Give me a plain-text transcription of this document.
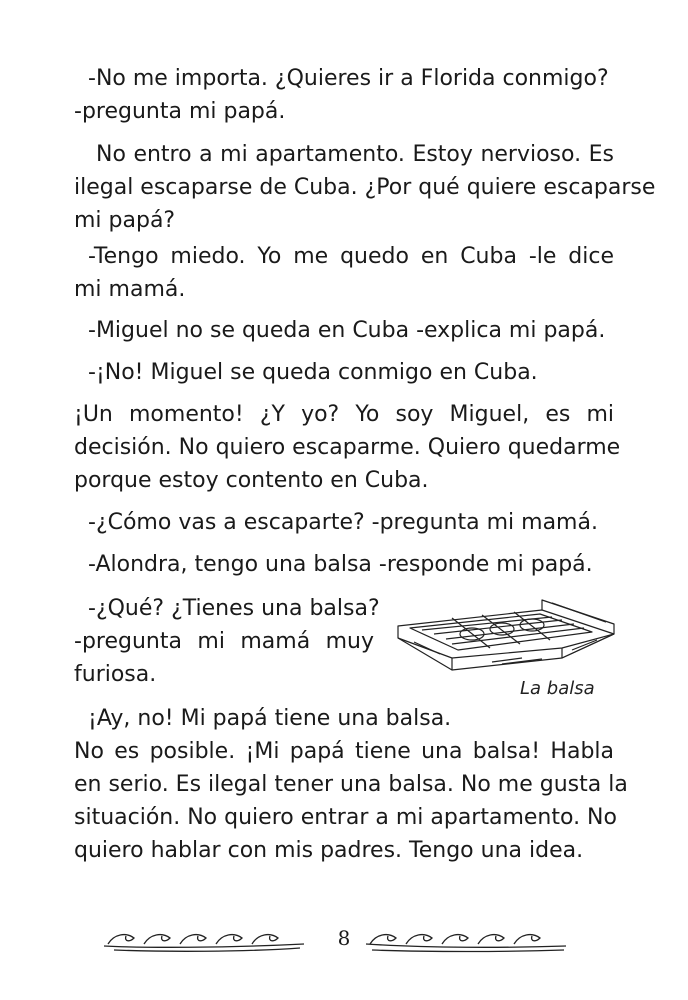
-No me importa. ¿Quieres ir a Florida conmigo?
-pregunta mi papá.

No entro a mi apartamento. Estoy nervioso. Es
ilegal escaparse de Cuba. ¿Por qué quiere escaparse
mi papá?

-Tengo miedo. Yo me quedo en Cuba -le dice
mi mamá.

-Miguel no se queda en Cuba -explica mi papá.

-¡No! Miguel se queda conmigo en Cuba.

¡Un momento! ¿Y yo? Yo soy Miguel, es mi
decisión. No quiero escaparme. Quiero quedarme
porque estoy contento en Cuba.

-¿Cómo vas a escaparte? -pregunta mi mamá.

-Alondra, tengo una balsa -responde mi papá.

-¿Qué? ¿Tienes una balsa?
-pregunta mi mamá muy
furiosa.

La balsa

¡Ay, no! Mi papá tiene una balsa.
No es posible. ¡Mi papá tiene una balsa! Habla
en serio. Es ilegal tener una balsa. No me gusta la
situación. No quiero entrar a mi apartamento. No
quiero hablar con mis padres. Tengo una idea.

8
